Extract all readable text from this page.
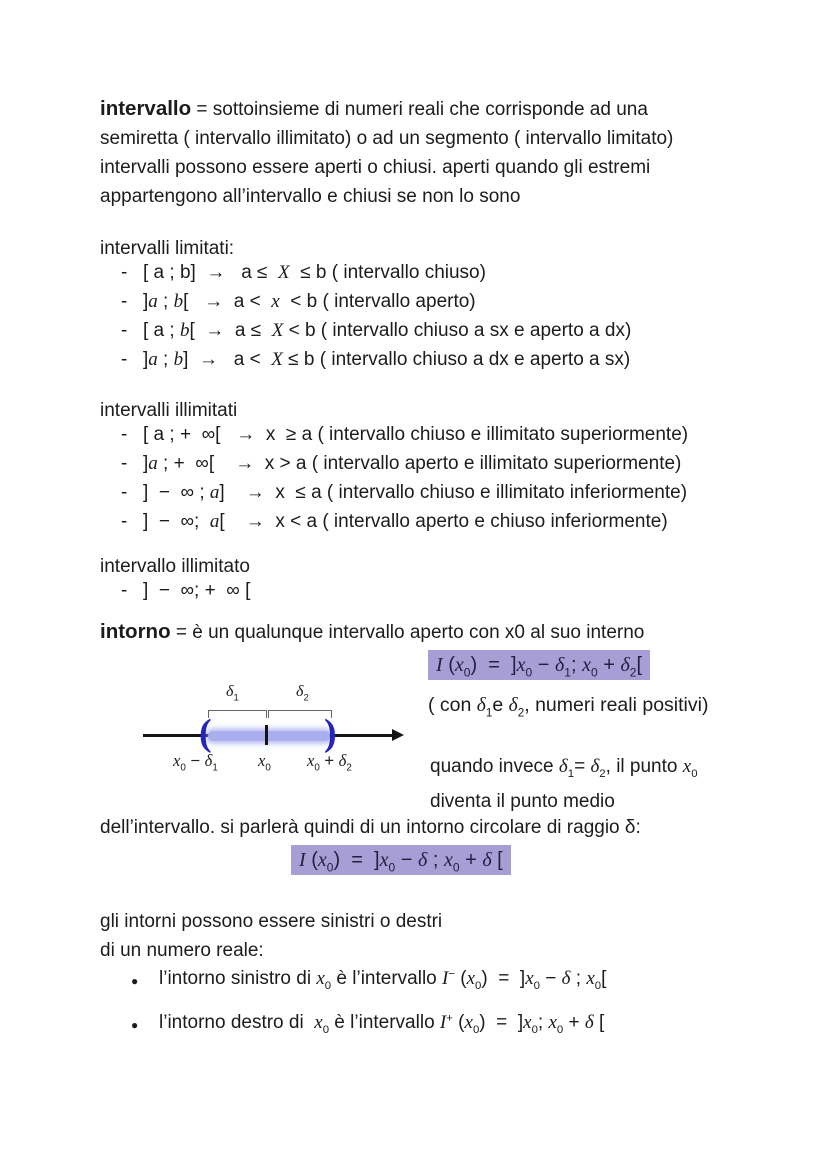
intervallo = sottoinsieme di numeri reali che corrisponde ad una
semiretta ( intervallo illimitato) o ad un segmento ( intervallo limitato)
intervalli possono essere aperti o chiusi. aperti quando gli estremi
appartengono all’intervallo e chiusi se non lo sono
intervalli limitati:
- [ a ; b]  →   a ≤  X  ≤ b ( intervallo chiuso)
- ]a ; b[   →  a <  x  < b ( intervallo aperto)
- [ a ; b[  →  a ≤  X < b ( intervallo chiuso a sx e aperto a dx)
- ]a ; b]  →   a <  X ≤ b ( intervallo chiuso a dx e aperto a sx)
intervalli illimitati
- [ a ; +  ∞[   →  x  ≥ a ( intervallo chiuso e illimitato superiormente)
- ]a ; +  ∞[    →  x > a ( intervallo aperto e illimitato superiormente)
- ]  −  ∞ ; a]    →  x  ≤ a ( intervallo chiuso e illimitato inferiormente)
- ]  −  ∞;  a[    →  x < a ( intervallo aperto e chiuso inferiormente)
intervallo illimitato
- ]  −  ∞; +  ∞ [
intorno = è un qualunque intervallo aperto con x0 al suo interno
I $(x_0) = ]x_0 - \delta_1$; $x_0 + \delta_2$[
( con $\delta_1e$ $\delta_2$, numeri reali positivi)
quando invece $\delta_1= \delta_2$, il punto $x_0$
diventa il punto medio
$\delta_1$	$\delta_2$
(	)
$x_0 - \delta_1$ $x_0$ $x_0 + \delta_2$
dell’intervallo. si parlerà quindi di un intorno circolare di raggio δ:
I $(x_0) = ]x_0 - \delta$ ; $x_0 + \delta$ [
gli intorni possono essere sinistri o destri
di un numero reale:
●	l’intorno sinistro di $x_0$ è l’intervallo I− $(x_0) = ]x_0 - \delta$ ; $x_0$[
●	l’intorno destro di  $x_0$ è l’intervallo I+ $(x_0) = ]x_0$; $x_0 + \delta$ [
